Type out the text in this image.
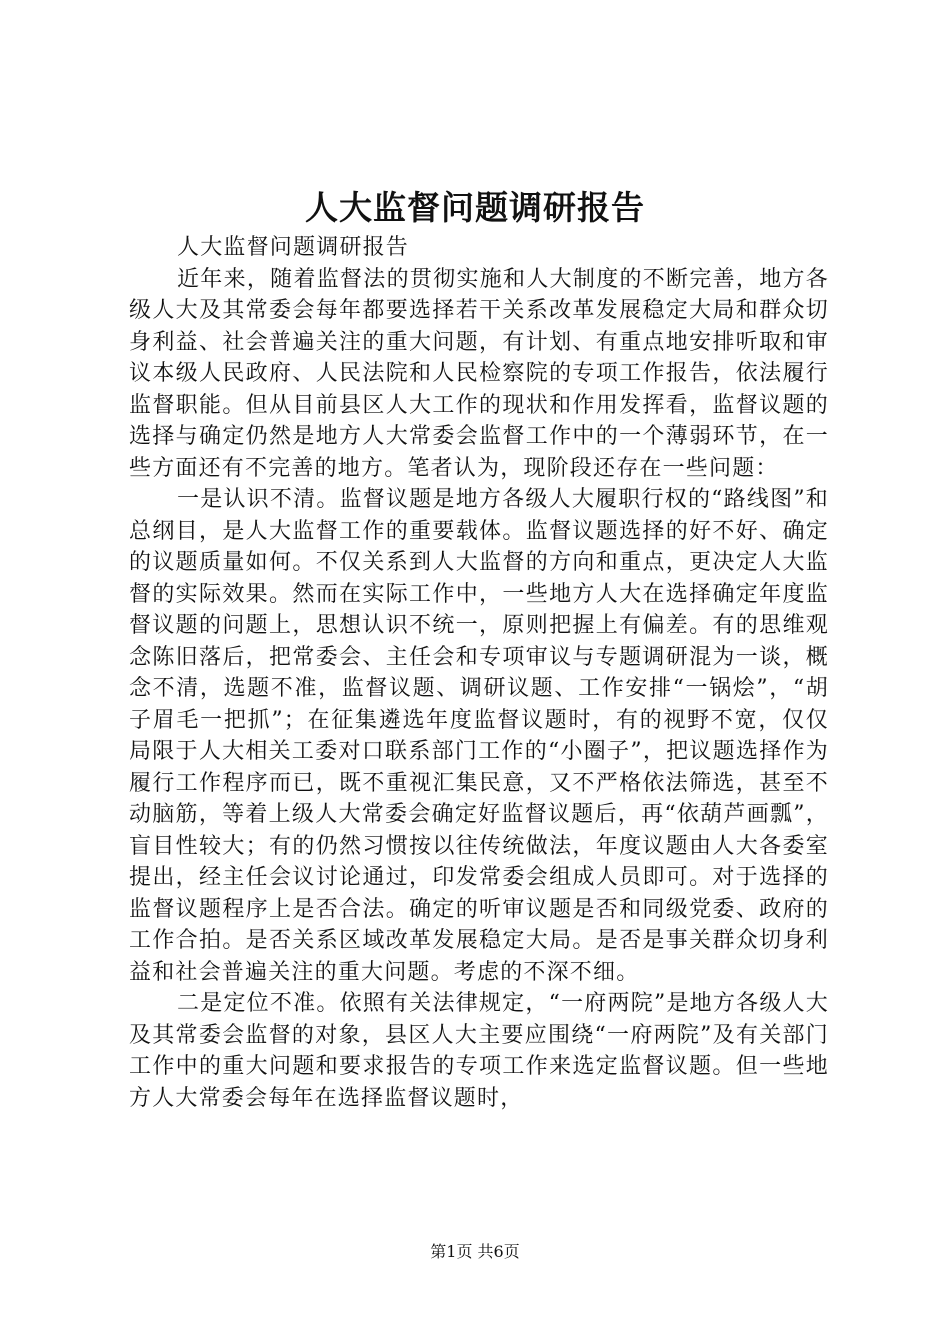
人大监督问题调研报告

人大监督问题调研报告

近年来，随着监督法的贯彻实施和人大制度的不断完善，地方各级人大及其常委会每年都要选择若干关系改革发展稳定大局和群众切身利益、社会普遍关注的重大问题，有计划、有重点地安排听取和审议本级人民政府、人民法院和人民检察院的专项工作报告，依法履行监督职能。但从目前县区人大工作的现状和作用发挥看，监督议题的选择与确定仍然是地方人大常委会监督工作中的一个薄弱环节，在一些方面还有不完善的地方。笔者认为，现阶段还存在一些问题：

一是认识不清。监督议题是地方各级人大履职行权的“路线图”和总纲目，是人大监督工作的重要载体。监督议题选择的好不好、确定的议题质量如何。不仅关系到人大监督的方向和重点，更决定人大监督的实际效果。然而在实际工作中，一些地方人大在选择确定年度监督议题的问题上，思想认识不统一，原则把握上有偏差。有的思维观念陈旧落后，把常委会、主任会和专项审议与专题调研混为一谈，概念不清，选题不准，监督议题、调研议题、工作安排“一锅烩”，“胡子眉毛一把抓”；在征集遴选年度监督议题时，有的视野不宽，仅仅局限于人大相关工委对口联系部门工作的“小圈子”，把议题选择作为履行工作程序而已，既不重视汇集民意，又不严格依法筛选，甚至不动脑筋，等着上级人大常委会确定好监督议题后，再“依葫芦画瓢”，盲目性较大；有的仍然习惯按以往传统做法，年度议题由人大各委室提出，经主任会议讨论通过，印发常委会组成人员即可。对于选择的监督议题程序上是否合法。确定的听审议题是否和同级党委、政府的工作合拍。是否关系区域改革发展稳定大局。是否是事关群众切身利益和社会普遍关注的重大问题。考虑的不深不细。

二是定位不准。依照有关法律规定，“一府两院”是地方各级人大及其常委会监督的对象，县区人大主要应围绕“一府两院”及有关部门工作中的重大问题和要求报告的专项工作来选定监督议题。但一些地方人大常委会每年在选择监督议题时，

第1页 共6页
